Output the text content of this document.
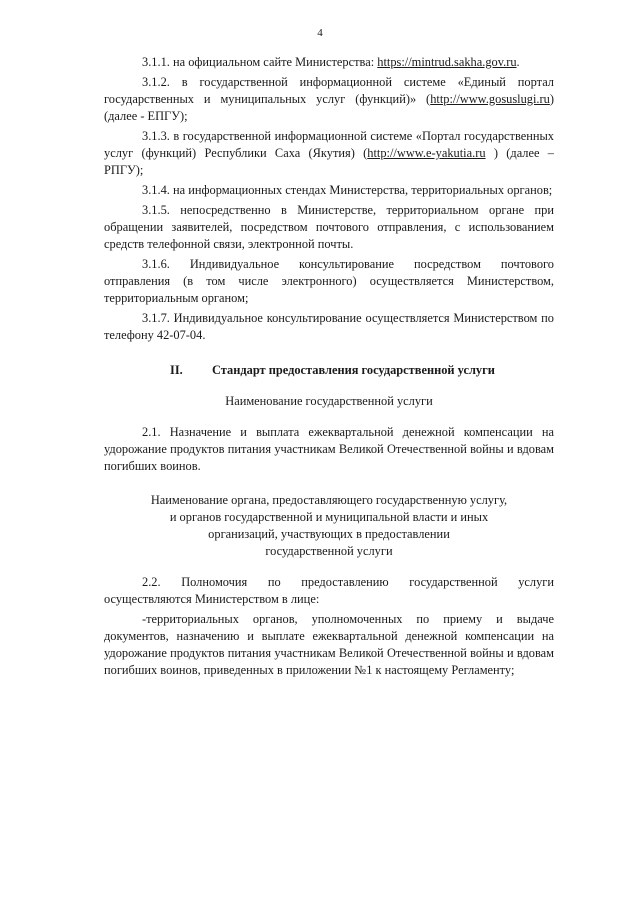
4

3.1.1. на официальном сайте Министерства: https://mintrud.sakha.gov.ru.

3.1.2. в государственной информационной системе «Единый портал государственных и муниципальных услуг (функций)» (http://www.gosuslugi.ru) (далее - ЕПГУ);

3.1.3. в государственной информационной системе «Портал государственных услуг (функций) Республики Саха (Якутия) (http://www.e-yakutia.ru ) (далее – РПГУ);

3.1.4. на информационных стендах Министерства, территориальных органов;

3.1.5. непосредственно в Министерстве, территориальном органе при обращении заявителей, посредством почтового отправления, с использованием средств телефонной связи, электронной почты.

3.1.6. Индивидуальное консультирование посредством почтового отправления (в том числе электронного) осуществляется Министерством, территориальным органом;

3.1.7. Индивидуальное консультирование осуществляется Министерством по телефону 42-07-04.

II. Стандарт предоставления государственной услуги

Наименование государственной услуги

2.1. Назначение и выплата ежеквартальной денежной компенсации на удорожание продуктов питания участникам Великой Отечественной войны и вдовам погибших воинов.

Наименование органа, предоставляющего государственную услугу,
и органов государственной и муниципальной власти и иных
организаций, участвующих в предоставлении
государственной услуги

2.2. Полномочия по предоставлению государственной услуги осуществляются Министерством в лице:

-территориальных органов, уполномоченных по приему и выдаче документов, назначению и выплате ежеквартальной денежной компенсации на удорожание продуктов питания участникам Великой Отечественной войны и вдовам погибших воинов, приведенных в приложении №1 к настоящему Регламенту;
